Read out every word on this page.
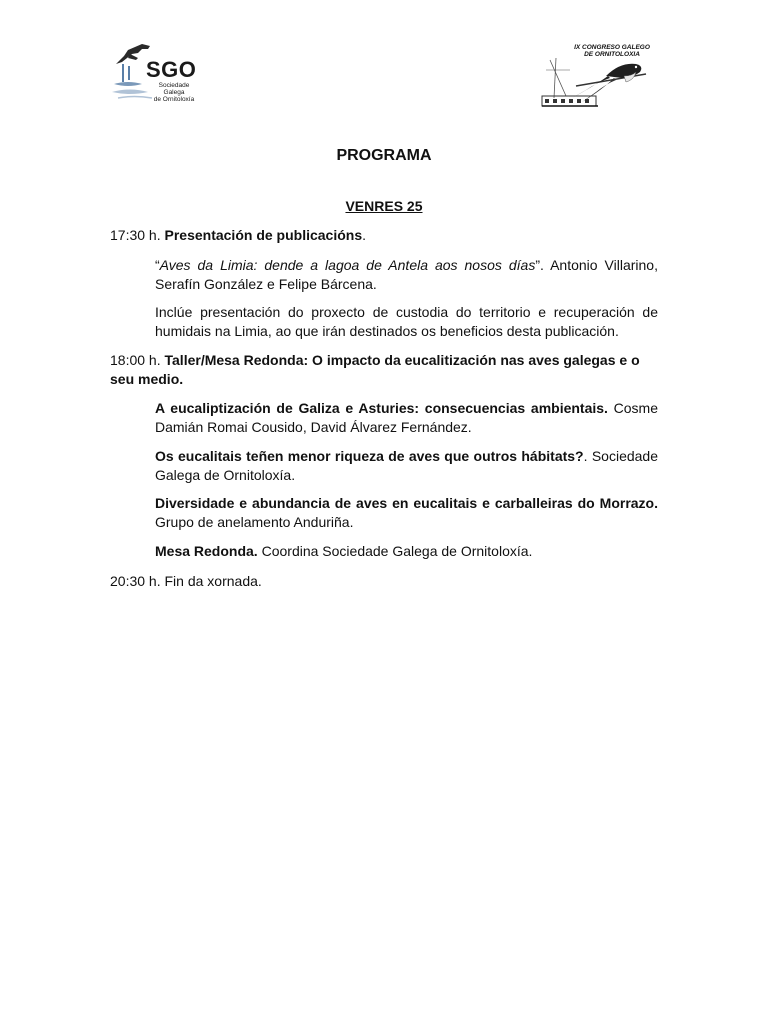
SGO
Sociedade
Galega
de Ornitoloxía
IX CONGRESO GALEGO
DE ORNITOLOXIA
PROGRAMA
VENRES 25
17:30 h. Presentación de publicacións.
“Aves da Limia: dende a lagoa de Antela aos nosos días”. Antonio Villarino, Serafín González e Felipe Bárcena.
Inclúe presentación do proxecto de custodia do territorio e recuperación de humidais na Limia, ao que irán destinados os beneficios desta publicación.
18:00 h. Taller/Mesa Redonda: O impacto da eucalitización nas aves galegas e o seu medio.
A eucaliptización de Galiza e Asturies: consecuencias ambientais. Cosme Damián Romai Cousido, David Álvarez Fernández.
Os eucalitais teñen menor riqueza de aves que outros hábitats?. Sociedade Galega de Ornitoloxía.
Diversidade e abundancia de aves en eucalitais e carballeiras do Morrazo. Grupo de anelamento Anduriña.
Mesa Redonda. Coordina Sociedade Galega de Ornitoloxía.
20:30 h. Fin da xornada.
